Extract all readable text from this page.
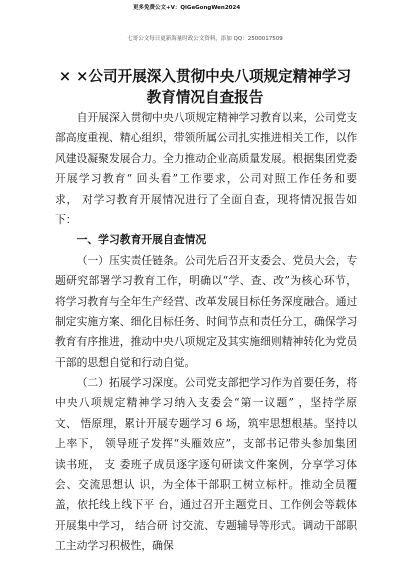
更多免费公文+V：QiGeGongWen2024
七哥公文每日更新海量时政公文资料，添加 QQ：2500017509
× ×公司开展深入贯彻中央八项规定精神学习
教育情况自查报告
自开展深入贯彻中央八项规定精神学习教育以来，公司党支
部高度重视、精心组织，带领所属公司扎实推进相关工作，以作
风建设凝聚发展合力。全力推动企业高质量发展。根据集团党委
开展学习教育“ 回头看”工作要求，公司对照工作任务和要
求， 对学习教育开展情况进行了全面自查，现将情况报告如
下：
一、学习教育开展自查情况
（一）压实责任链条。公司先后召开支委会、党员大会，专
题研究部署学习教育工作，明确以“学、查、改”为核心环节，
将学习教育与全年生产经营、改革发展目标任务深度融合。通过
制定实施方案、细化目标任务、时间节点和责任分工，确保学习
教育有序推进，推动中央八项规定及其实施细则精神转化为党员
干部的思想自觉和行动自觉。
（二）拓展学习深度。公司党支部把学习作为首要任务，将
中央八项规定精神学习纳入支委会“第一议题” ，坚持学原
文、 悟原理，累计开展专题学习 6 场，筑牢思想根基。坚持以
上率下， 领导班子发挥“头雁效应”，支部书记带头参加集团
读书班， 支 委班子成员逐字逐句研读文件案例，分享学习体
会、交流思想认 识，为全体干部职工树立标杆。推动全员覆
盖，依托线上线下平 台，通过召开主题党日、工作例会等载体
开展集中学习， 结合研 讨交流、专题辅导等形式。调动干部职
工主动学习积极性，确保
